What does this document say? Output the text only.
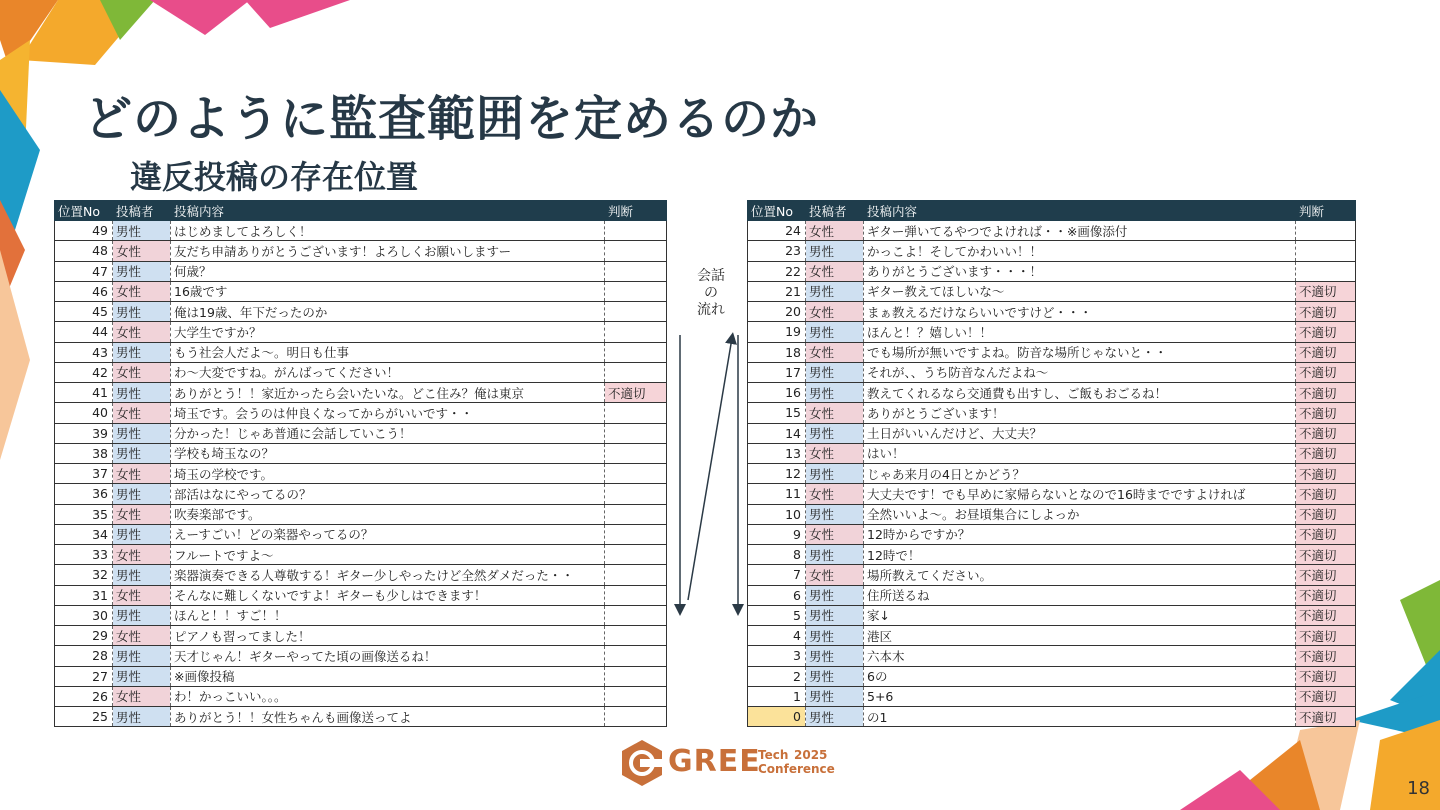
どのように監査範囲を定めるのか
違反投稿の存在位置
位置No	投稿者	投稿内容	判断
49	男性	はじめましてよろしく！	
48	女性	友だち申請ありがとうございます！よろしくお願いしますー	
47	男性	何歳？	
46	女性	16歳です	
45	男性	俺は19歳、年下だったのか	
44	女性	大学生ですか？	
43	男性	もう社会人だよ〜。明日も仕事	
42	女性	わ〜大変ですね。がんばってください！	
41	男性	ありがとう！！家近かったら会いたいな。どこ住み？俺は東京	不適切
40	女性	埼玉です。会うのは仲良くなってからがいいです・・	
39	男性	分かった！じゃあ普通に会話していこう！	
38	男性	学校も埼玉なの？	
37	女性	埼玉の学校です。	
36	男性	部活はなにやってるの？	
35	女性	吹奏楽部です。	
34	男性	えーすごい！どの楽器やってるの？	
33	女性	フルートですよ〜	
32	男性	楽器演奏できる人尊敬する！ギター少しやったけど全然ダメだった・・	
31	女性	そんなに難しくないですよ！ギターも少しはできます！	
30	男性	ほんと！！すご！！	
29	女性	ピアノも習ってました！	
28	男性	天才じゃん！ギターやってた頃の画像送るね！	
27	男性	※画像投稿	
26	女性	わ！かっこいい。。。	
25	男性	ありがとう！！女性ちゃんも画像送ってよ	
会話
の
流れ
位置No	投稿者	投稿内容	判断
24	女性	ギター弾いてるやつでよければ・・※画像添付	
23	男性	かっこよ！そしてかわいい！！	
22	女性	ありがとうございます・・・！	
21	男性	ギター教えてほしいな〜	不適切
20	女性	まぁ教えるだけならいいですけど・・・	不適切
19	男性	ほんと！？嬉しい！！	不適切
18	女性	でも場所が無いですよね。防音な場所じゃないと・・	不適切
17	男性	それが、、うち防音なんだよね〜	不適切
16	男性	教えてくれるなら交通費も出すし、ご飯もおごるね！	不適切
15	女性	ありがとうございます！	不適切
14	男性	土日がいいんだけど、大丈夫？	不適切
13	女性	はい！	不適切
12	男性	じゃあ来月の4日とかどう？	不適切
11	女性	大丈夫です！でも早めに家帰らないとなので16時までですよければ	不適切
10	男性	全然いいよ〜。お昼頃集合にしよっか	不適切
9	女性	12時からですか？	不適切
8	男性	12時で！	不適切
7	女性	場所教えてください。	不適切
6	男性	住所送るね	不適切
5	男性	家↓	不適切
4	男性	港区	不適切
3	男性	六本木	不適切
2	男性	6の	不適切
1	男性	5+6	不適切
0	男性	の1	不適切
GREE
Tech 2025
Conference
18
